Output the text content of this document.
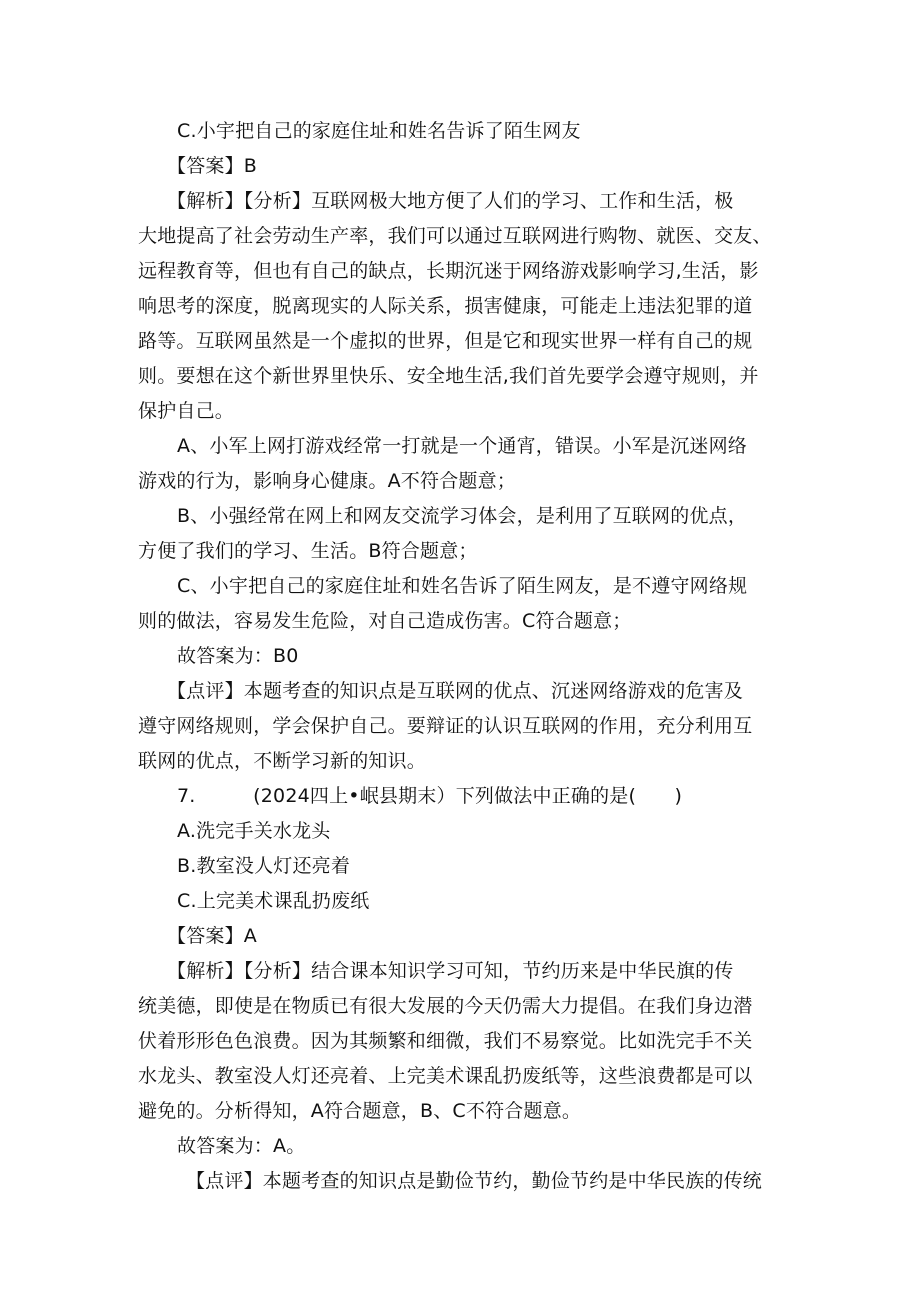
C.小宇把自己的家庭住址和姓名告诉了陌生网友
【答案】B
【解析】【分析】互联网极大地方便了人们的学习、工作和生活，极
大地提高了社会劳动生产率，我们可以通过互联网进行购物、就医、交友、
远程教育等，但也有自己的缺点，长期沉迷于网络游戏影响学习,生活，影
响思考的深度，脱离现实的人际关系，损害健康，可能走上违法犯罪的道
路等。互联网虽然是一个虚拟的世界，但是它和现实世界一样有自己的规
则。要想在这个新世界里快乐、安全地生活,我们首先要学会遵守规则，并
保护自己。
A、小军上网打游戏经常一打就是一个通宵，错误。小军是沉迷网络
游戏的行为，影响身心健康。A不符合题意；
B、小强经常在网上和网友交流学习体会，是利用了互联网的优点，
方便了我们的学习、生活。B符合题意；
C、小宇把自己的家庭住址和姓名告诉了陌生网友，是不遵守网络规
则的做法，容易发生危险，对自己造成伤害。C符合题意；
故答案为：B0
【点评】本题考查的知识点是互联网的优点、沉迷网络游戏的危害及
遵守网络规则，学会保护自己。要辩证的认识互联网的作用，充分利用互
联网的优点，不断学习新的知识。
7.　　　(2024四上•岷县期末）下列做法中正确的是(　　)
A.洗完手关水龙头
B.教室没人灯还亮着
C.上完美术课乱扔废纸
【答案】A
【解析】【分析】结合课本知识学习可知，节约历来是中华民旗的传
统美德，即使是在物质已有很大发展的今天仍需大力提倡。在我们身边潜
伏着形形色色浪费。因为其频繁和细微，我们不易察觉。比如洗完手不关
水龙头、教室没人灯还亮着、上完美术课乱扔废纸等，这些浪费都是可以
避免的。分析得知，A符合题意，B、C不符合题意。
故答案为：A。
【点评】本题考查的知识点是勤俭节约，勤俭节约是中华民族的传统
